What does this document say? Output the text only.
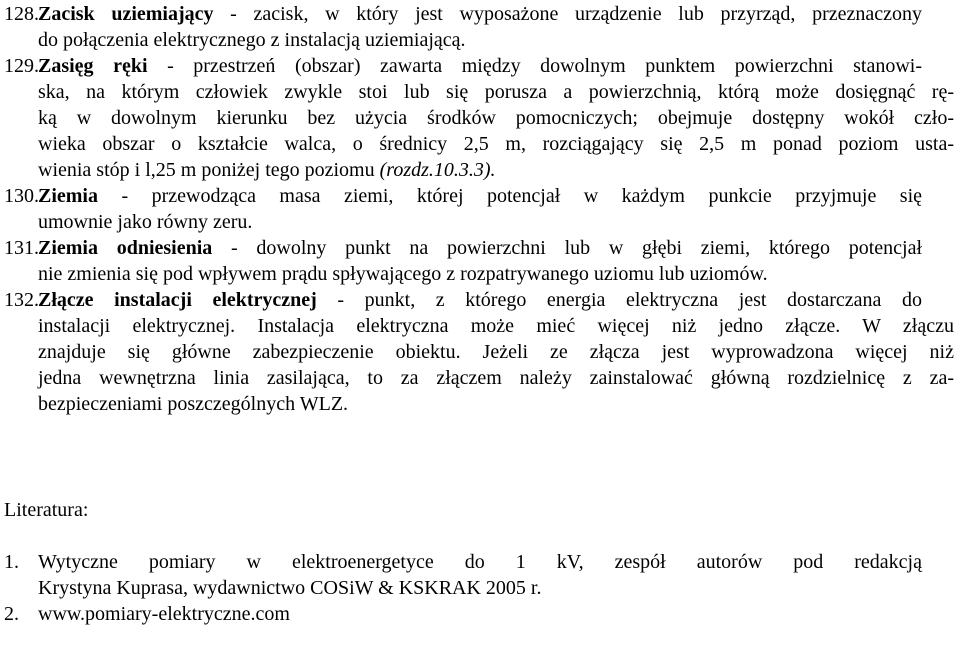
128.Zacisk uziemiający - zacisk, w który jest wyposażone urządzenie lub przyrząd, przeznaczony
do połączenia elektrycznego z instalacją uziemiającą.
129.Zasięg ręki - przestrzeń (obszar) zawarta między dowolnym punktem powierzchni stanowi-
ska, na którym człowiek zwykle stoi lub się porusza a powierzchnią, którą może dosięgnąć rę-
ką w dowolnym kierunku bez użycia środków pomocniczych; obejmuje dostępny wokół czło-
wieka obszar o kształcie walca, o średnicy 2,5 m, rozciągający się 2,5 m ponad poziom usta-
wienia stóp i l,25 m poniżej tego poziomu (rozdz.10.3.3).
130.Ziemia - przewodząca masa ziemi, której potencjał w każdym punkcie przyjmuje się
umownie jako równy zeru.
131.Ziemia odniesienia - dowolny punkt na powierzchni lub w głębi ziemi, którego potencjał
nie zmienia się pod wpływem prądu spływającego z rozpatrywanego uziomu lub uziomów.
132.Złącze instalacji elektrycznej - punkt, z którego energia elektryczna jest dostarczana do
instalacji elektrycznej. Instalacja elektryczna może mieć więcej niż jedno złącze. W złączu
znajduje się główne zabezpieczenie obiektu. Jeżeli ze złącza jest wyprowadzona więcej niż
jedna wewnętrzna linia zasilająca, to za złączem należy zainstalować główną rozdzielnicę z za-
bezpieczeniami poszczególnych WLZ.
Literatura:
1. Wytyczne pomiary w elektroenergetyce do 1 kV, zespół autorów pod redakcją
Krystyna Kuprasa, wydawnictwo COSiW & KSKRAK 2005 r.
2. www.pomiary-elektryczne.com
